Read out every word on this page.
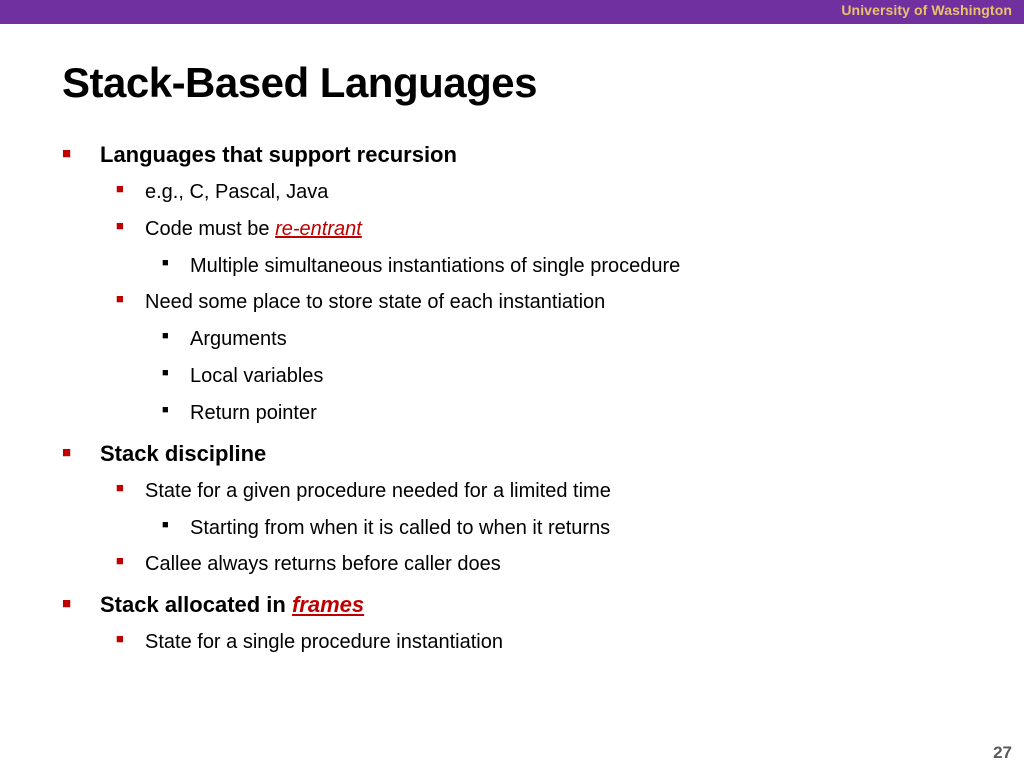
University of Washington
Stack-Based Languages
■ Languages that support recursion
■ e.g., C, Pascal, Java
■ Code must be re-entrant
■ Multiple simultaneous instantiations of single procedure
■ Need some place to store state of each instantiation
■ Arguments
■ Local variables
■ Return pointer
■ Stack discipline
■ State for a given procedure needed for a limited time
■ Starting from when it is called to when it returns
■ Callee always returns before caller does
■ Stack allocated in frames
■ State for a single procedure instantiation
27
